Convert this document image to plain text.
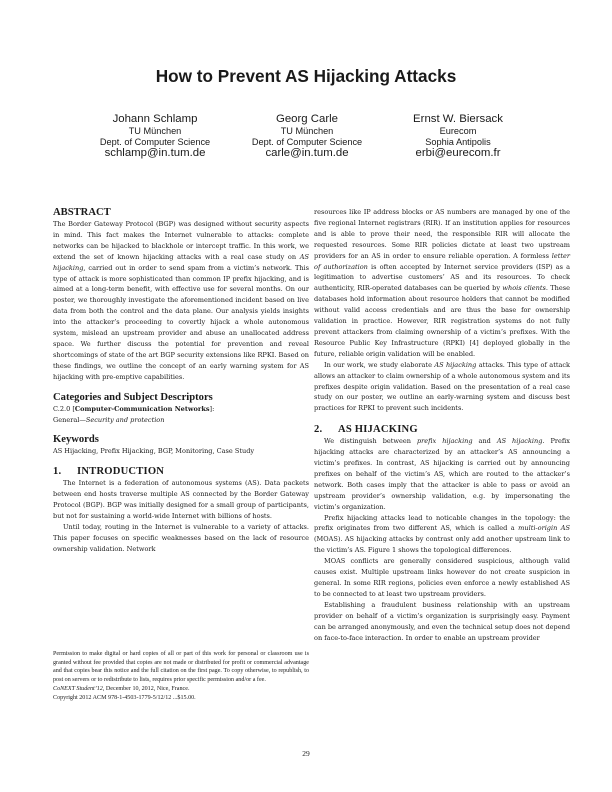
How to Prevent AS Hijacking Attacks
Johann Schlamp
TU München
Dept. of Computer Science
schlamp@in.tum.de
Georg Carle
TU München
Dept. of Computer Science
carle@in.tum.de
Ernst W. Biersack
Eurecom
Sophia Antipolis
erbi@eurecom.fr
ABSTRACT

The Border Gateway Protocol (BGP) was designed without security aspects in mind. This fact makes the Internet vulnerable to attacks: complete networks can be hijacked to blackhole or intercept traffic. In this work, we extend the set of known hijacking attacks with a real case study on AS hijacking, carried out in order to send spam from a victim’s network. This type of attack is more sophisticated than common IP prefix hijacking, and is aimed at a long-term benefit, with effective use for several months. On our poster, we thoroughly investigate the aforementioned incident based on live data from both the control and the data plane. Our analysis yields insights into the attacker’s proceeding to covertly hijack a whole autonomous system, mislead an upstream provider and abuse an unallocated address space. We further discuss the potential for prevention and reveal shortcomings of state of the art BGP security extensions like RPKI. Based on these findings, we outline the concept of an early warning system for AS hijacking with pre-emptive capabilities.

Categories and Subject Descriptors

C.2.0 [Computer-Communication Networks]:
General—Security and protection

Keywords

AS Hijacking, Prefix Hijacking, BGP, Monitoring, Case Study

1. INTRODUCTION

The Internet is a federation of autonomous systems (AS). Data packets between end hosts traverse multiple AS connected by the Border Gateway Protocol (BGP). BGP was initially designed for a small group of participants, but not for sustaining a world-wide Internet with billions of hosts.

Until today, routing in the Internet is vulnerable to a variety of attacks. This paper focuses on specific weaknesses based on the lack of resource ownership validation. Network

Permission to make digital or hard copies of all or part of this work for personal or classroom use is granted without fee provided that copies are not made or distributed for profit or commercial advantage and that copies bear this notice and the full citation on the first page. To copy otherwise, to republish, to post on servers or to redistribute to lists, requires prior specific permission and/or a fee.

CoNEXT Student’12, December 10, 2012, Nice, France.

Copyright 2012 ACM 978-1-4503-1779-5/12/12 ...$15.00.

resources like IP address blocks or AS numbers are managed by one of the five regional Internet registrars (RIR). If an institution applies for resources and is able to prove their need, the responsible RIR will allocate the requested resources. Some RIR policies dictate at least two upstream providers for an AS in order to ensure reliable operation. A formless letter of authorization is often accepted by Internet service providers (ISP) as a legitimation to advertise customers’ AS and its resources. To check authenticity, RIR-operated databases can be queried by whois clients. These databases hold information about resource holders that cannot be modified without valid access credentials and are thus the base for ownership validation in practice. However, RIR registration systems do not fully prevent attackers from claiming ownership of a victim’s prefixes. With the Resource Public Key Infrastructure (RPKI) [4] deployed globally in the future, reliable origin validation will be enabled.

In our work, we study elaborate AS hijacking attacks. This type of attack allows an attacker to claim ownership of a whole autonomous system and its prefixes despite origin validation. Based on the presentation of a real case study on our poster, we outline an early-warning system and discuss best practices for RPKI to prevent such incidents.

2. AS HIJACKING

We distinguish between prefix hijacking and AS hijacking. Prefix hijacking attacks are characterized by an attacker’s AS announcing a victim’s prefixes. In contrast, AS hijacking is carried out by announcing prefixes on behalf of the victim’s AS, which are routed to the attacker’s network. Both cases imply that the attacker is able to pass or avoid an upstream provider’s ownership validation, e.g. by impersonating the victim’s organization.

Prefix hijacking attacks lead to noticable changes in the topology: the prefix originates from two different AS, which is called a multi-origin AS (MOAS). AS hijacking attacks by contrast only add another upstream link to the victim’s AS. Figure 1 shows the topological differences.

MOAS conflicts are generally considered suspicious, although valid causes exist. Multiple upstream links however do not create suspicion in general. In some RIR regions, policies even enforce a newly established AS to be connected to at least two upstream providers.

Establishing a fraudulent business relationship with an upstream provider on behalf of a victim’s organization is surprisingly easy. Payment can be arranged anonymously, and even the technical setup does not depend on face-to-face interaction. In order to enable an upstream provider

29
